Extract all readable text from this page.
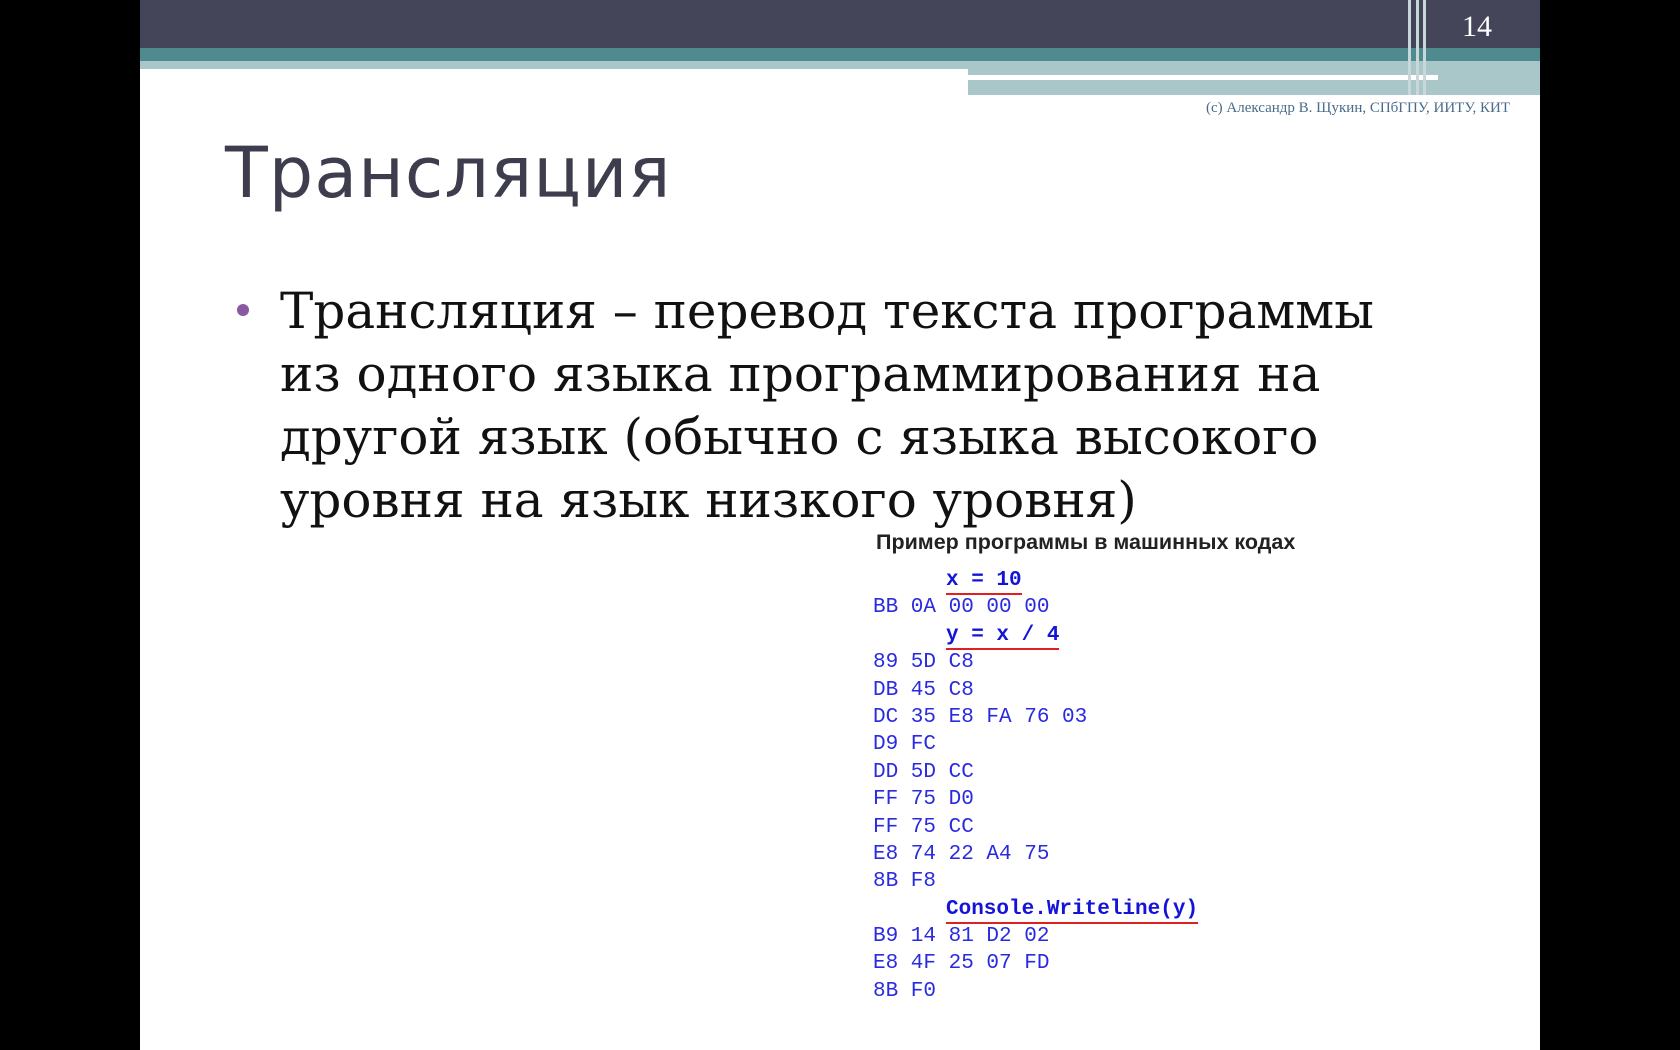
14
(c) Александр В. Щукин, СПбГПУ, ИИТУ, КИТ
Трансляция

Трансляция – перевод текста программы из одного языка программирования на другой язык (обычно с языка высокого уровня на язык низкого уровня)

Пример программы в машинных кодах
x = 10
BB 0A 00 00 00
y = x / 4
89 5D C8
DB 45 C8
DC 35 E8 FA 76 03
D9 FC
DD 5D CC
FF 75 D0
FF 75 CC
E8 74 22 A4 75
8B F8
Console.Writeline(y)
B9 14 81 D2 02
E8 4F 25 07 FD
8B F0
